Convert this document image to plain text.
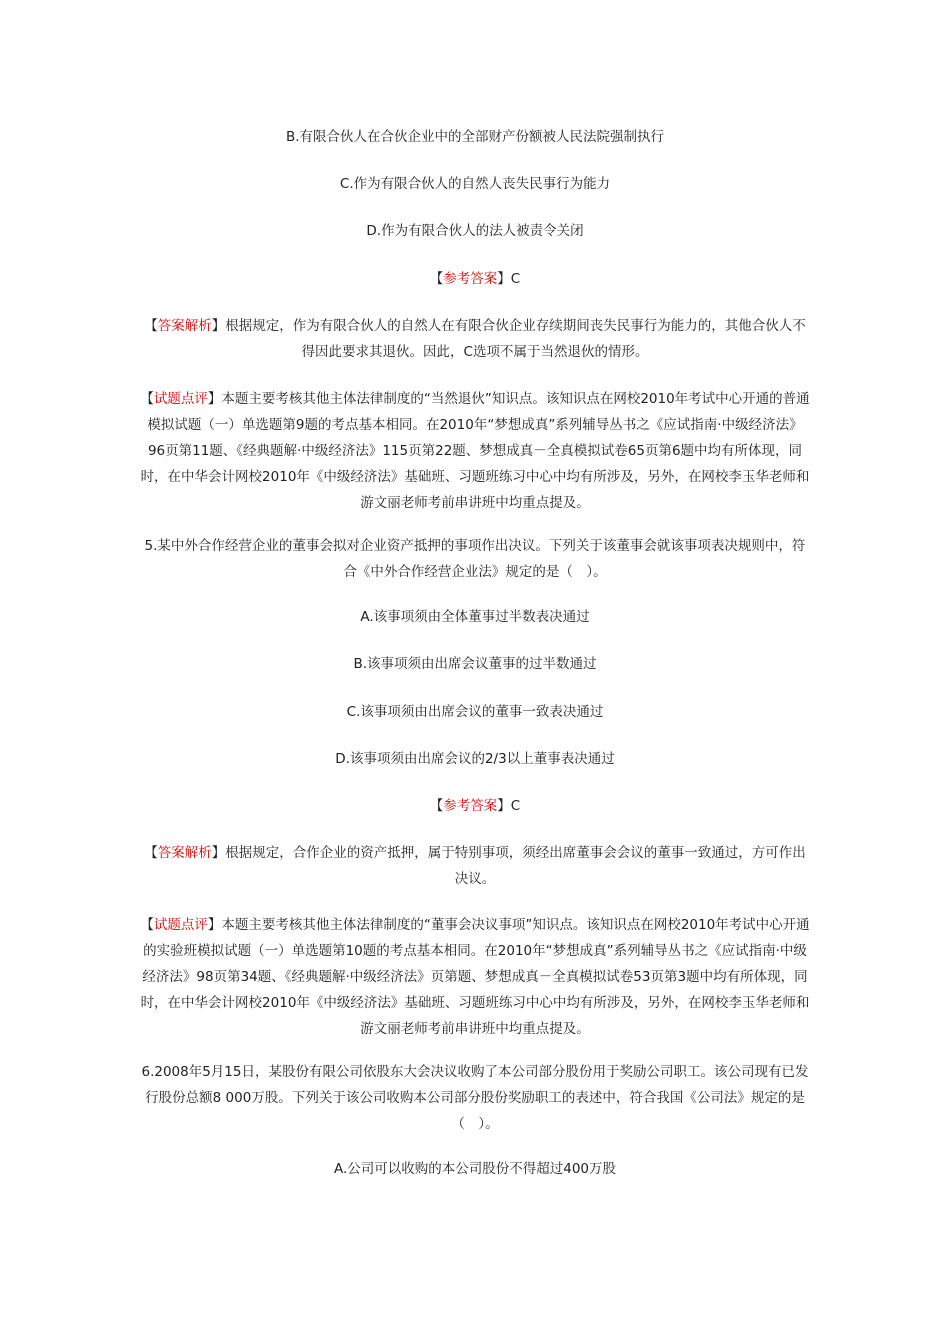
B.有限合伙人在合伙企业中的全部财产份额被人民法院强制执行

C.作为有限合伙人的自然人丧失民事行为能力

D.作为有限合伙人的法人被责令关闭

【参考答案】C

【答案解析】根据规定，作为有限合伙人的自然人在有限合伙企业存续期间丧失民事行为能力的，其他合伙人不得因此要求其退伙。因此，C选项不属于当然退伙的情形。

【试题点评】本题主要考核其他主体法律制度的“当然退伙”知识点。该知识点在网校2010年考试中心开通的普通模拟试题（一）单选题第9题的考点基本相同。在2010年“梦想成真”系列辅导丛书之《应试指南·中级经济法》96页第11题、《经典题解·中级经济法》115页第22题、梦想成真－全真模拟试卷65页第6题中均有所体现，同时，在中华会计网校2010年《中级经济法》基础班、习题班练习中心中均有所涉及，另外，在网校李玉华老师和游文丽老师考前串讲班中均重点提及。

5.某中外合作经营企业的董事会拟对企业资产抵押的事项作出决议。下列关于该董事会就该事项表决规则中，符合《中外合作经营企业法》规定的是（　）。

A.该事项须由全体董事过半数表决通过

B.该事项须由出席会议董事的过半数通过

C.该事项须由出席会议的董事一致表决通过

D.该事项须由出席会议的2/3以上董事表决通过

【参考答案】C

【答案解析】根据规定，合作企业的资产抵押，属于特别事项，须经出席董事会会议的董事一致通过，方可作出决议。

【试题点评】本题主要考核其他主体法律制度的“董事会决议事项”知识点。该知识点在网校2010年考试中心开通的实验班模拟试题（一）单选题第10题的考点基本相同。在2010年“梦想成真”系列辅导丛书之《应试指南·中级经济法》98页第34题、《经典题解·中级经济法》页第题、梦想成真－全真模拟试卷53页第3题中均有所体现，同时，在中华会计网校2010年《中级经济法》基础班、习题班练习中心中均有所涉及，另外，在网校李玉华老师和游文丽老师考前串讲班中均重点提及。

6.2008年5月15日，某股份有限公司依股东大会决议收购了本公司部分股份用于奖励公司职工。该公司现有已发行股份总额8 000万股。下列关于该公司收购本公司部分股份奖励职工的表述中，符合我国《公司法》规定的是（　）。

A.公司可以收购的本公司股份不得超过400万股
